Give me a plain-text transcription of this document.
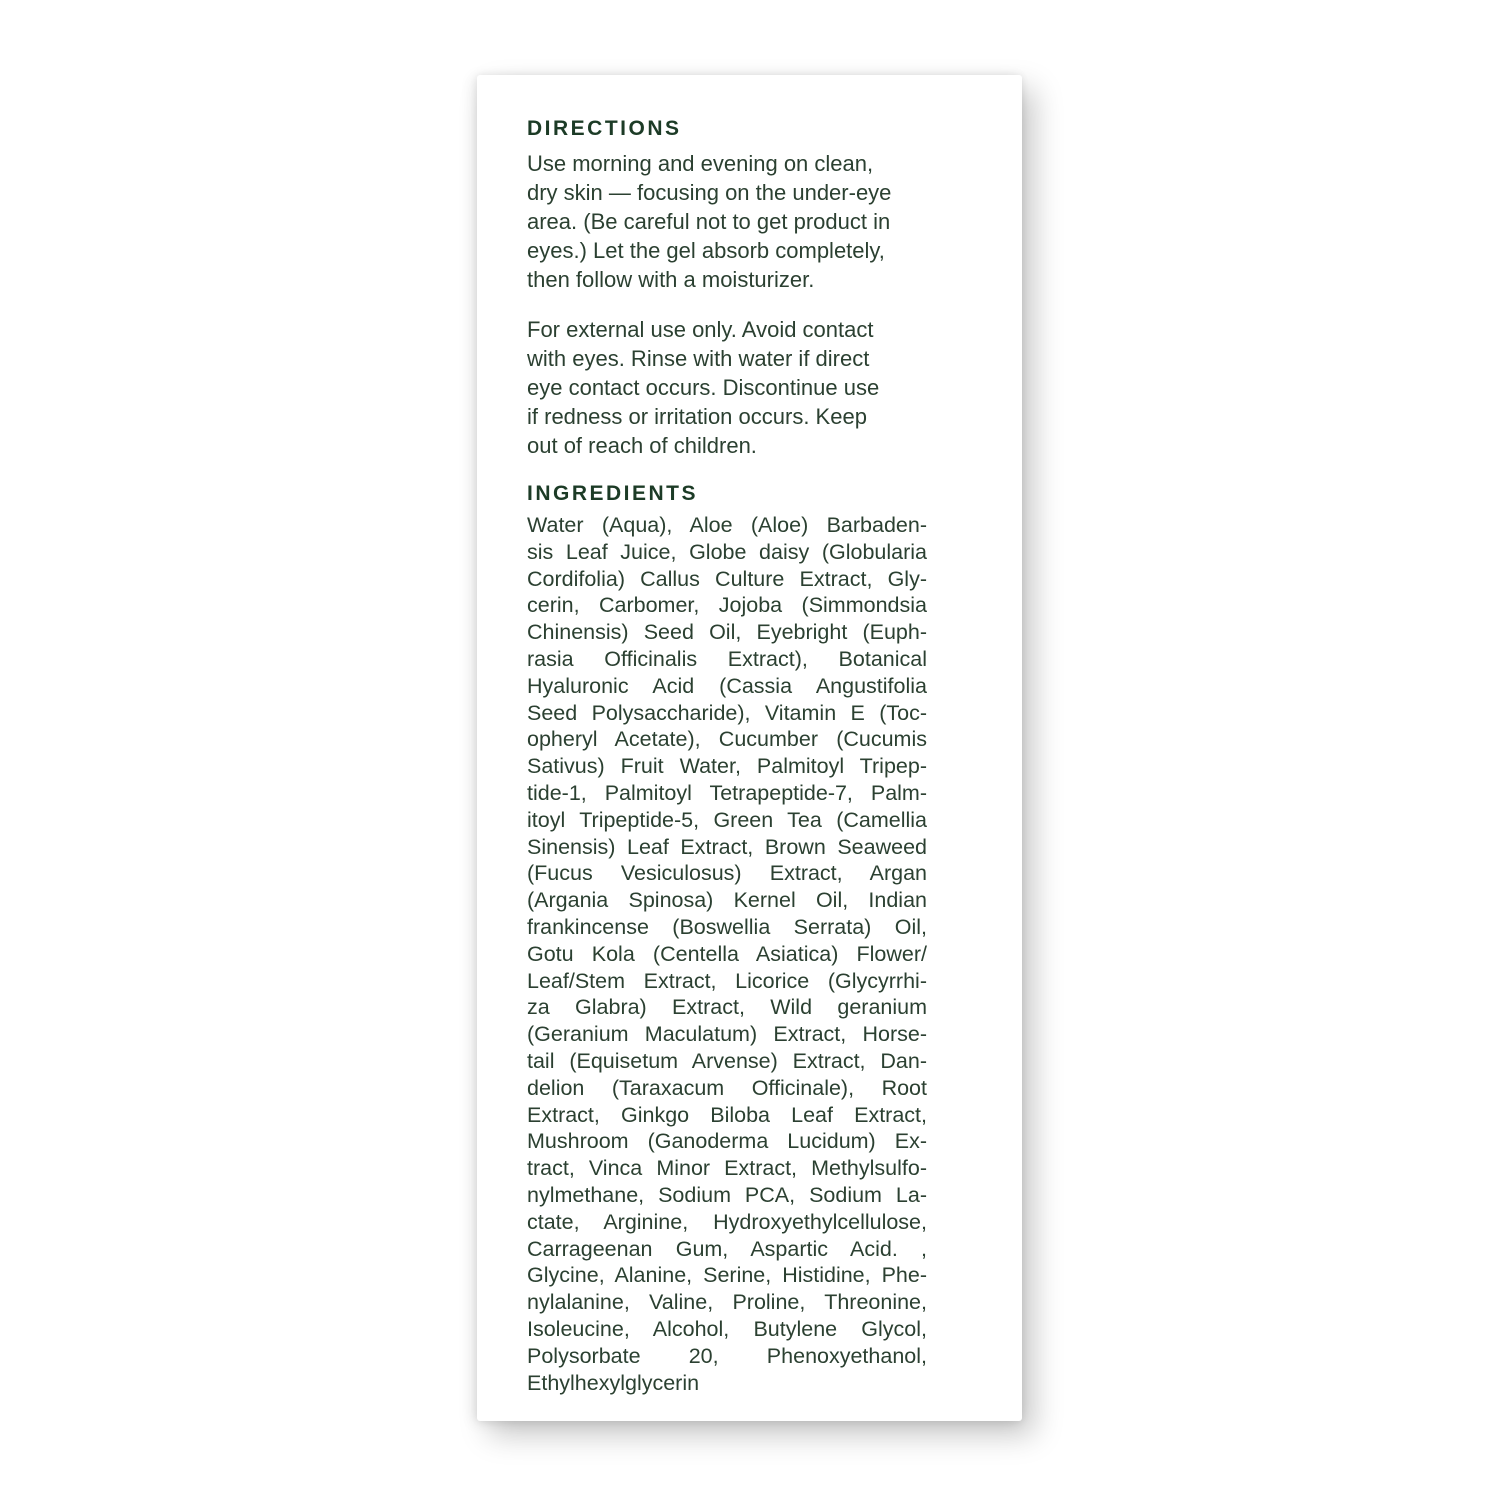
DIRECTIONS
Use morning and evening on clean,
dry skin — focusing on the under-eye
area. (Be careful not to get product in
eyes.) Let the gel absorb completely,
then follow with a moisturizer.
For external use only. Avoid contact
with eyes. Rinse with water if direct
eye contact occurs. Discontinue use
if redness or irritation occurs. Keep
out of reach of children.
INGREDIENTS
Water (Aqua), Aloe (Aloe) Barbaden-
sis Leaf Juice, Globe daisy (Globularia
Cordifolia) Callus Culture Extract, Gly-
cerin, Carbomer, Jojoba (Simmondsia
Chinensis) Seed Oil, Eyebright (Euph-
rasia Officinalis Extract), Botanical
Hyaluronic Acid (Cassia Angustifolia
Seed Polysaccharide), Vitamin E (Toc-
opheryl Acetate), Cucumber (Cucumis
Sativus) Fruit Water, Palmitoyl Tripep-
tide-1, Palmitoyl Tetrapeptide-7, Palm-
itoyl Tripeptide-5, Green Tea (Camellia
Sinensis) Leaf Extract, Brown Seaweed
(Fucus Vesiculosus) Extract, Argan
(Argania Spinosa) Kernel Oil, Indian
frankincense (Boswellia Serrata) Oil,
Gotu Kola (Centella Asiatica) Flower/
Leaf/Stem Extract, Licorice (Glycyrrhi-
za Glabra) Extract, Wild geranium
(Geranium Maculatum) Extract, Horse-
tail (Equisetum Arvense) Extract, Dan-
delion (Taraxacum Officinale), Root
Extract, Ginkgo Biloba Leaf Extract,
Mushroom (Ganoderma Lucidum) Ex-
tract, Vinca Minor Extract, Methylsulfo-
nylmethane, Sodium PCA, Sodium La-
ctate, Arginine, Hydroxyethylcellulose,
Carrageenan Gum, Aspartic Acid. ,
Glycine, Alanine, Serine, Histidine, Phe-
nylalanine, Valine, Proline, Threonine,
Isoleucine, Alcohol, Butylene Glycol,
Polysorbate 20, Phenoxyethanol,
Ethylhexylglycerin
